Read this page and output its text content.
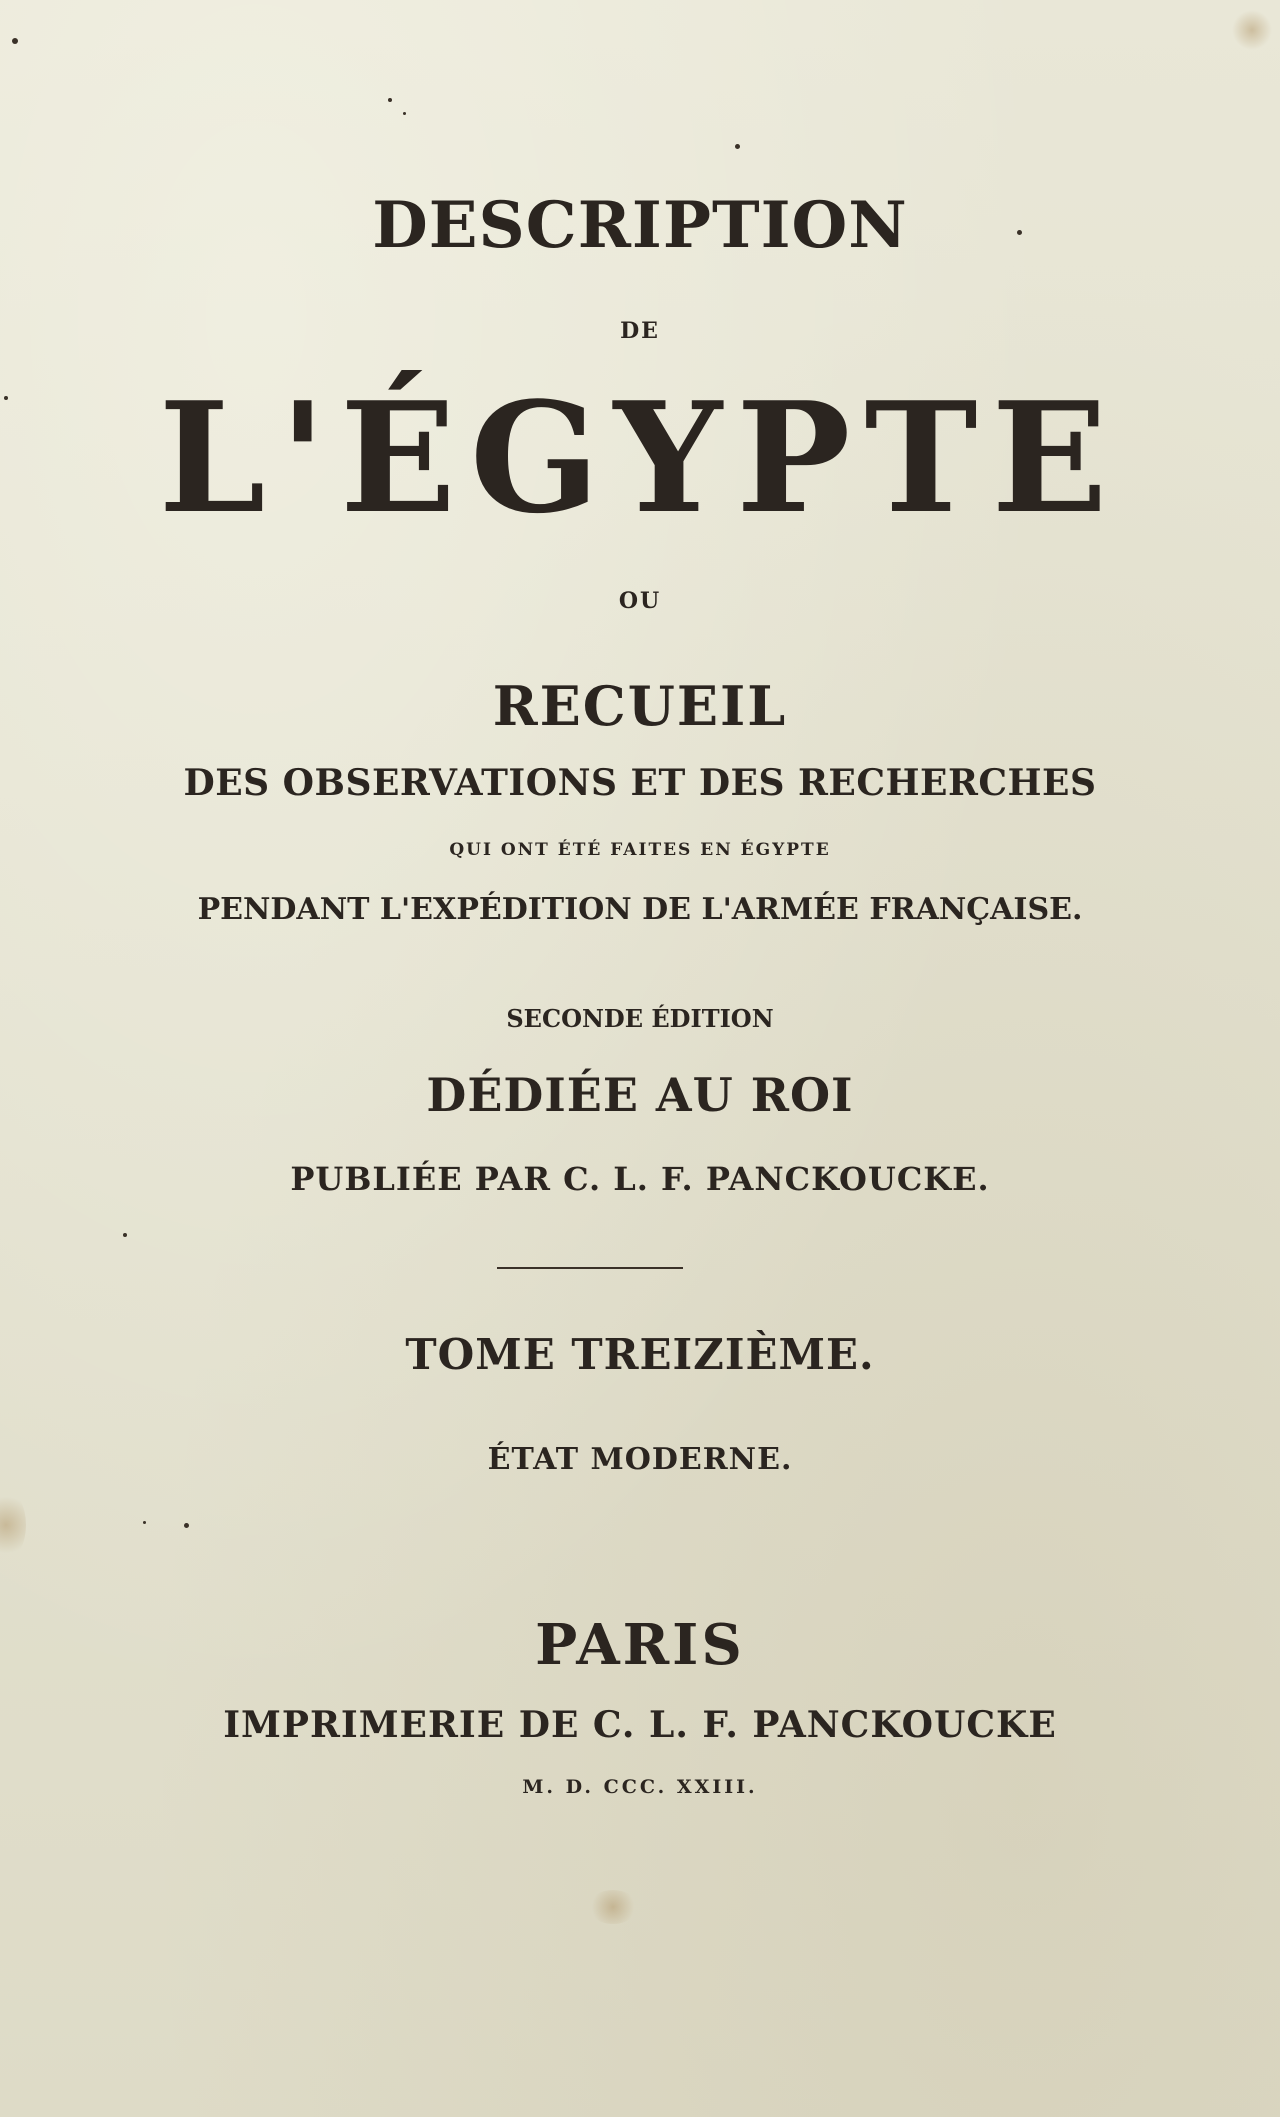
DESCRIPTION

DE

L'ÉGYPTE

OU

RECUEIL

DES OBSERVATIONS ET DES RECHERCHES

QUI ONT ÉTÉ FAITES EN ÉGYPTE

PENDANT L'EXPÉDITION DE L'ARMÉE FRANÇAISE.

SECONDE ÉDITION

DÉDIÉE AU ROI

PUBLIÉE PAR C. L. F. PANCKOUCKE.

TOME TREIZIÈME.

ÉTAT MODERNE.

PARIS

IMPRIMERIE DE C. L. F. PANCKOUCKE

M. D. CCC. XXIII.
